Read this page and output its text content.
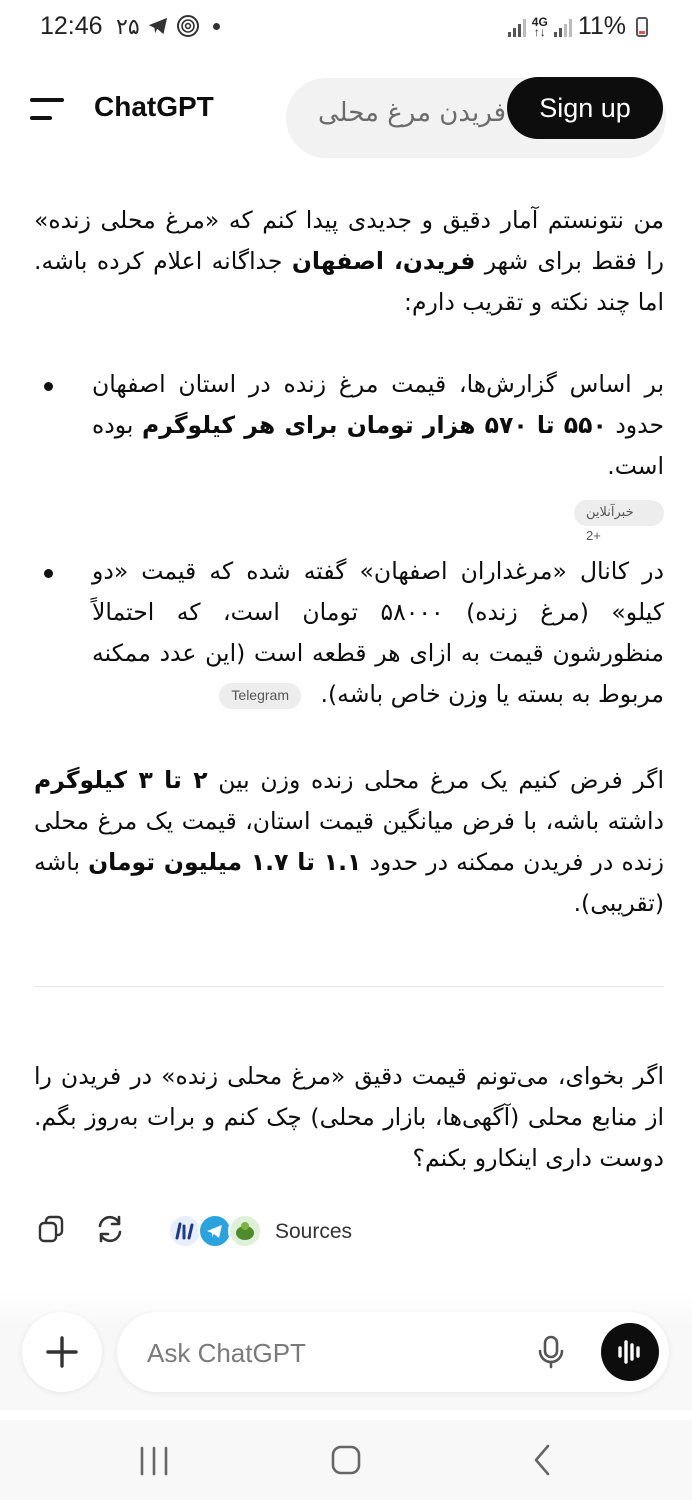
12:46 ۲۵	4G
↑↓ 11%
ChatGPT	فریدن مرغ محلی	Sign up

من نتونستم آمار دقیق و جدیدی پیدا کنم که «مرغ محلی زنده» را فقط برای شهر فریدن، اصفهان جداگانه اعلام کرده باشه. اما چند نکته و تقریب دارم:

بر اساس گزارش‌ها، قیمت مرغ زنده در استان اصفهان حدود ۵۵۰ تا ۵۷۰ هزار تومان برای هر کیلوگرم بوده است.
خبرآنلاین +2
در کانال «مرغداران اصفهان» گفته شده که قیمت «دو کیلو» (مرغ زنده) ۵۸۰۰۰ تومان است، که احتمالاً منظورشون قیمت به ازای هر قطعه است (این عدد ممکنه مربوط به بسته یا وزن خاص باشه). Telegram

اگر فرض کنیم یک مرغ محلی زنده وزن بین ۲ تا ۳ کیلوگرم داشته باشه، با فرض میانگین قیمت استان، قیمت یک مرغ محلی زنده در فریدن ممکنه در حدود ۱.۱ تا ۱.۷ میلیون تومان باشه (تقریبی).

اگر بخوای، می‌تونم قیمت دقیق «مرغ محلی زنده» در فریدن را از منابع محلی (آگهی‌ها، بازار محلی) چک کنم و برات به‌روز بگم. دوست داری اینکارو بکنم؟
Sources
Ask ChatGPT
